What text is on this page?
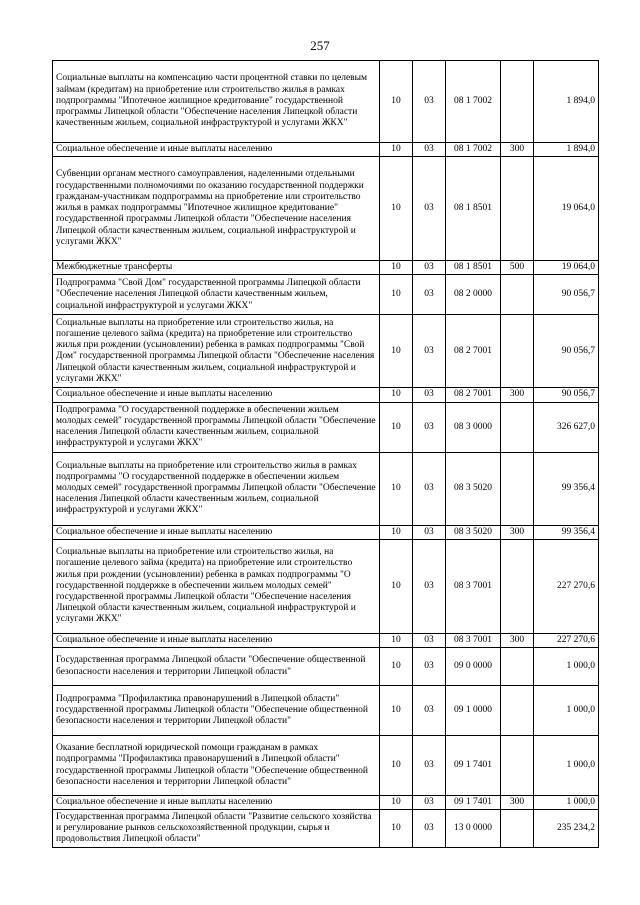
257
Социальные выплаты на компенсацию части процентной ставки по целевым займам (кредитам) на приобретение или строительство жилья в рамках подпрограммы "Ипотечное жилищное кредитование" государственной программы Липецкой области "Обеспечение населения Липецкой области качественным жильем, социальной инфраструктурой и услугами ЖКХ"	10	03	08 1 7002		1 894,0
Социальное обеспечение и иные выплаты населению	10	03	08 1 7002	300	1 894,0
Субвенции органам местного самоуправления, наделенными отдельными государственными полномочиями по оказанию государственной поддержки гражданам-участникам подпрограммы на приобретение или строительство жилья в рамках подпрограммы "Ипотечное жилищное кредитование" государственной программы Липецкой области "Обеспечение населения Липецкой области качественным жильем, социальной инфраструктурой и услугами ЖКХ"	10	03	08 1 8501		19 064,0
Межбюджетные трансферты	10	03	08 1 8501	500	19 064,0
Подпрограмма "Свой Дом" государственной программы Липецкой области "Обеспечение населения Липецкой области качественным жильем, социальной инфраструктурой и услугами ЖКХ"	10	03	08 2 0000		90 056,7
Социальные выплаты на приобретение или строительство жилья, на погашение целевого займа (кредита) на приобретение или строительство жилья при рождении (усыновлении) ребенка в рамках подпрограммы "Свой Дом" государственной программы Липецкой области "Обеспечение населения Липецкой области качественным жильем, социальной инфраструктурой и услугами ЖКХ"	10	03	08 2 7001		90 056,7
Социальное обеспечение и иные выплаты населению	10	03	08 2 7001	300	90 056,7
Подпрограмма "О государственной поддержке в обеспечении жильем молодых семей" государственной программы Липецкой области "Обеспечение населения Липецкой области качественным жильем, социальной инфраструктурой и услугами ЖКХ"	10	03	08 3 0000		326 627,0
Социальные выплаты на приобретение или строительство жилья в рамках подпрограммы "О государственной поддержке в обеспечении жильем молодых семей" государственной программы Липецкой области "Обеспечение населения Липецкой области качественным жильем, социальной инфраструктурой и услугами ЖКХ"	10	03	08 3 5020		99 356,4
Социальное обеспечение и иные выплаты населению	10	03	08 3 5020	300	99 356,4
Социальные выплаты на приобретение или строительство жилья, на погашение целевого займа (кредита) на приобретение или строительство жилья при рождении (усыновлении) ребенка в рамках подпрограммы "О государственной поддержке в обеспечении жильем молодых семей" государственной программы Липецкой области "Обеспечение населения Липецкой области качественным жильем, социальной инфраструктурой и услугами ЖКХ"	10	03	08 3 7001		227 270,6
Социальное обеспечение и иные выплаты населению	10	03	08 3 7001	300	227 270,6
Государственная программа Липецкой области "Обеспечение общественной безопасности населения и территории Липецкой области"	10	03	09 0 0000		1 000,0
Подпрограмма "Профилактика правонарушений в Липецкой области" государственной программы Липецкой области "Обеспечение общественной безопасности населения и территории Липецкой области"	10	03	09 1 0000		1 000,0
Оказание бесплатной юридической помощи гражданам в рамках подпрограммы "Профилактика правонарушений в Липецкой области" государственной программы Липецкой области "Обеспечение общественной безопасности населения и территории Липецкой области"	10	03	09 1 7401		1 000,0
Социальное обеспечение и иные выплаты населению	10	03	09 1 7401	300	1 000,0
Государственная программа Липецкой области "Развитие сельского хозяйства и регулирование рынков сельскохозяйственной продукции, сырья и продовольствия Липецкой области"	10	03	13 0 0000		235 234,2
